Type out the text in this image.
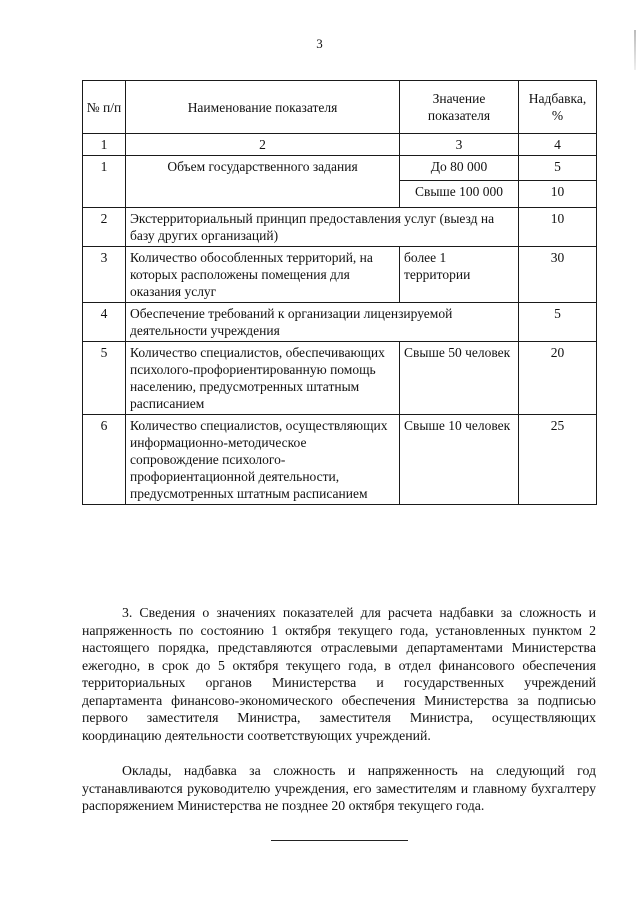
3
№ п/п	Наименование показателя	Значение показателя	Надбавка, %
1	2	3	4
1	Объем государственного задания	До 80 000	5
		Свыше 100 000	10
2	Экстерриториальный принцип предоставления услуг (выезд на базу других организаций)		10
3	Количество обособленных территорий, на которых расположены помещения для оказания услуг	более 1 территории	30
4	Обеспечение требований к организации лицензируемой деятельности учреждения		5
5	Количество специалистов, обеспечивающих психолого-профориентированную помощь населению, предусмотренных штатным расписанием	Свыше 50 человек	20
6	Количество специалистов, осуществляющих информационно-методическое сопровождение психолого-профориентационной деятельности, предусмотренных штатным расписанием	Свыше 10 человек	25

3. Сведения о значениях показателей для расчета надбавки за сложность и напряженность по состоянию 1 октября текущего года, установленных пунктом 2 настоящего порядка, представляются отраслевыми департаментами Министерства ежегодно, в срок до 5 октября текущего года, в отдел финансового обеспечения территориальных органов Министерства и государственных учреждений департамента финансово-экономического обеспечения Министерства за подписью первого заместителя Министра, заместителя Министра, осуществляющих координацию деятельности соответствующих учреждений.

Оклады, надбавка за сложность и напряженность на следующий год устанавливаются руководителю учреждения, его заместителям и главному бухгалтеру распоряжением Министерства не позднее 20 октября текущего года.
